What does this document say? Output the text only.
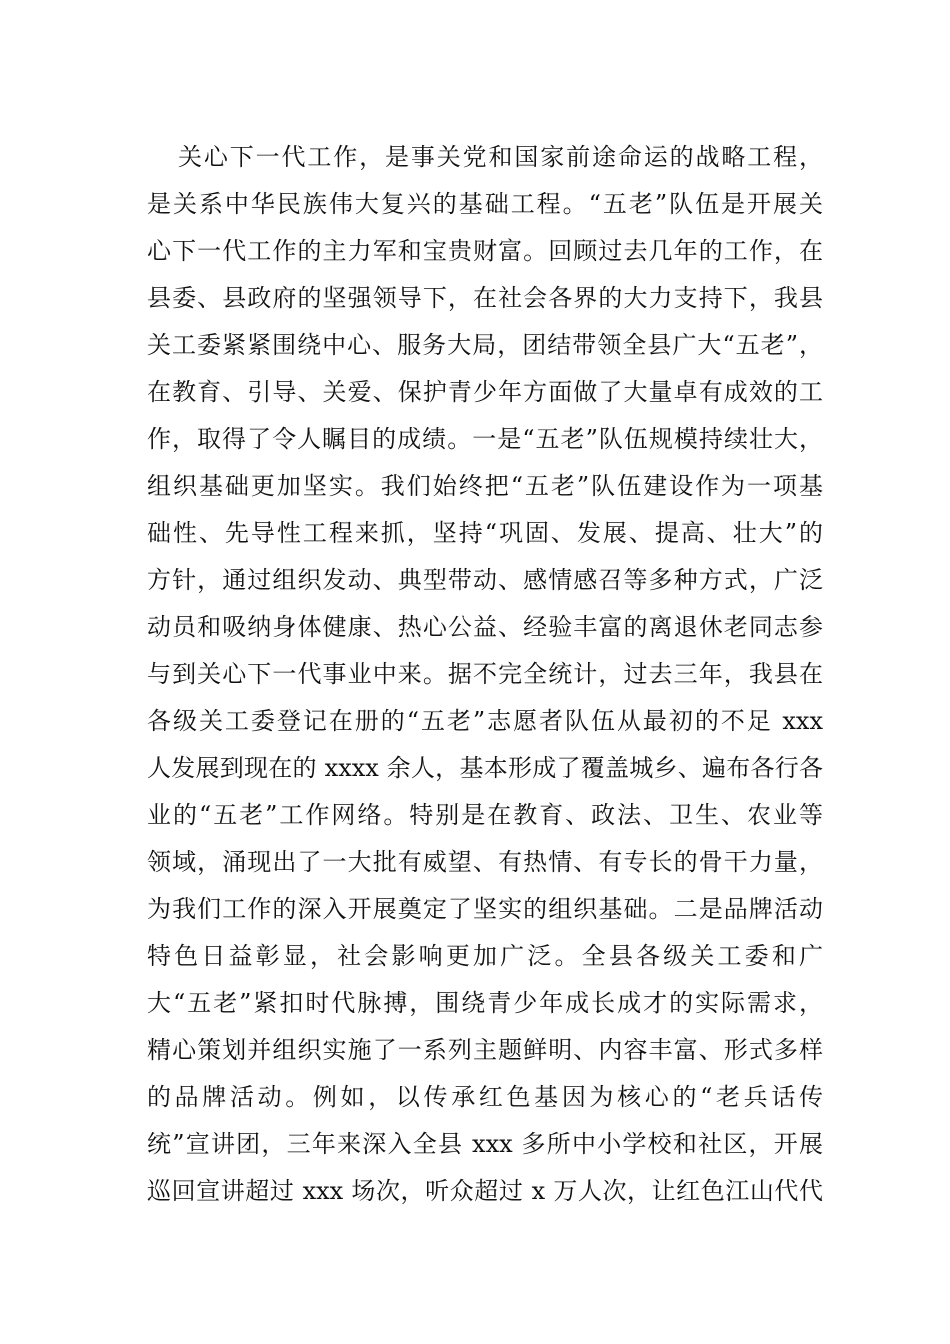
关心下一代工作，是事关党和国家前途命运的战略工程，
是关系中华民族伟大复兴的基础工程。“五老”队伍是开展关
心下一代工作的主力军和宝贵财富。回顾过去几年的工作，在
县委、县政府的坚强领导下，在社会各界的大力支持下，我县
关工委紧紧围绕中心、服务大局，团结带领全县广大“五老”，
在教育、引导、关爱、保护青少年方面做了大量卓有成效的工
作，取得了令人瞩目的成绩。一是“五老”队伍规模持续壮大，
组织基础更加坚实。我们始终把“五老”队伍建设作为一项基
础性、先导性工程来抓，坚持“巩固、发展、提高、壮大”的
方针，通过组织发动、典型带动、感情感召等多种方式，广泛
动员和吸纳身体健康、热心公益、经验丰富的离退休老同志参
与到关心下一代事业中来。据不完全统计，过去三年，我县在
各级关工委登记在册的“五老”志愿者队伍从最初的不足 xxx
人发展到现在的 xxxx 余人，基本形成了覆盖城乡、遍布各行各
业的“五老”工作网络。特别是在教育、政法、卫生、农业等
领域，涌现出了一大批有威望、有热情、有专长的骨干力量，
为我们工作的深入开展奠定了坚实的组织基础。二是品牌活动
特色日益彰显，社会影响更加广泛。全县各级关工委和广
大“五老”紧扣时代脉搏，围绕青少年成长成才的实际需求，
精心策划并组织实施了一系列主题鲜明、内容丰富、形式多样
的品牌活动。例如，以传承红色基因为核心的“老兵话传
统”宣讲团，三年来深入全县 xxx 多所中小学校和社区，开展
巡回宣讲超过 xxx 场次，听众超过 x 万人次，让红色江山代代
